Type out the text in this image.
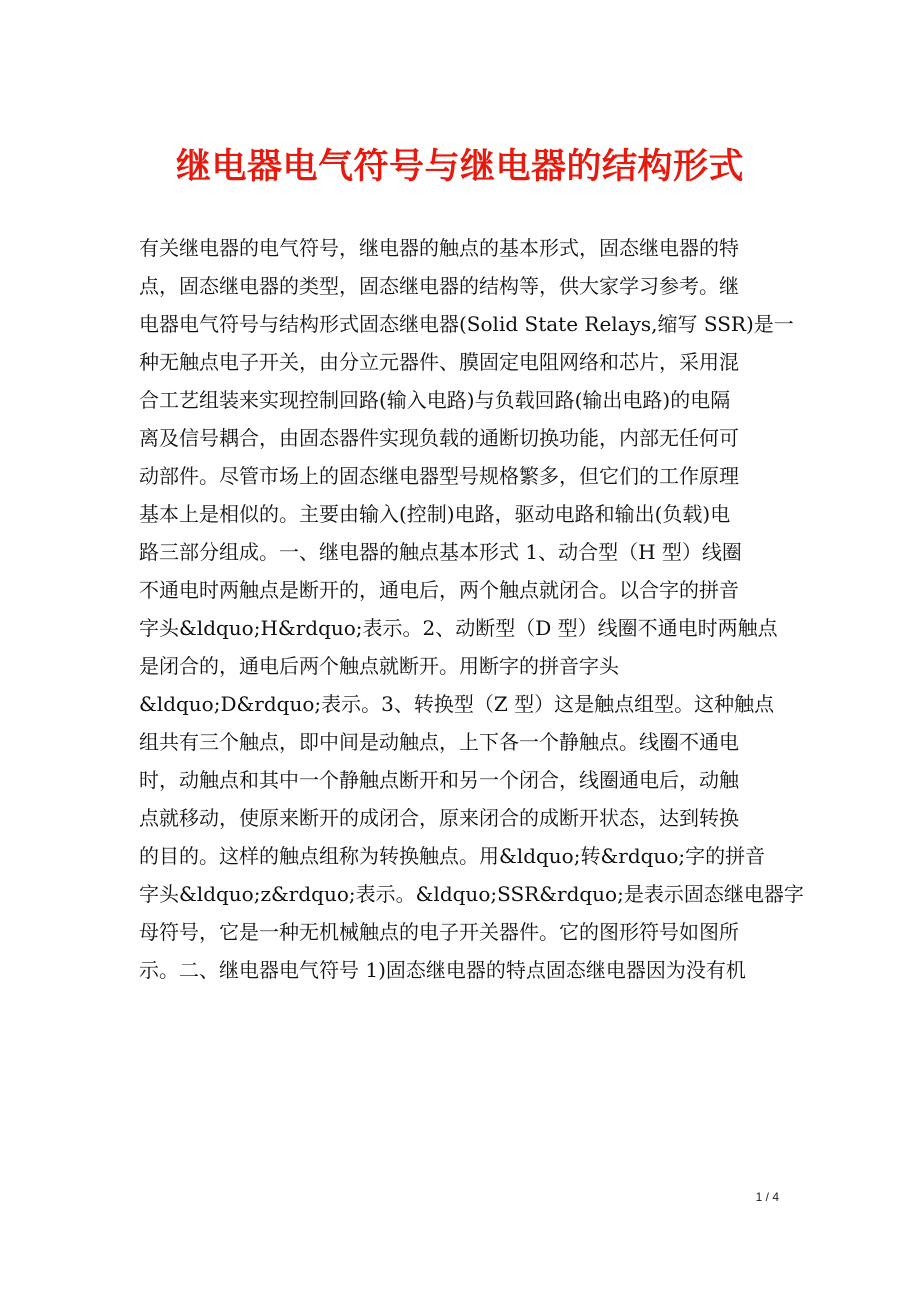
继电器电气符号与继电器的结构形式
有关继电器的电气符号，继电器的触点的基本形式，固态继电器的特
点，固态继电器的类型，固态继电器的结构等，供大家学习参考。继
电器电气符号与结构形式固态继电器(Solid State Relays,缩写 SSR)是一
种无触点电子开关，由分立元器件、膜固定电阻网络和芯片，采用混
合工艺组装来实现控制回路(输入电路)与负载回路(输出电路)的电隔
离及信号耦合，由固态器件实现负载的通断切换功能，内部无任何可
动部件。尽管市场上的固态继电器型号规格繁多，但它们的工作原理
基本上是相似的。主要由输入(控制)电路，驱动电路和输出(负载)电
路三部分组成。一、继电器的触点基本形式 1、动合型（H 型）线圈
不通电时两触点是断开的，通电后，两个触点就闭合。以合字的拼音
字头&ldquo;H&rdquo;表示。2、动断型（D 型）线圈不通电时两触点
是闭合的，通电后两个触点就断开。用断字的拼音字头
&ldquo;D&rdquo;表示。3、转换型（Z 型）这是触点组型。这种触点
组共有三个触点，即中间是动触点，上下各一个静触点。线圈不通电
时，动触点和其中一个静触点断开和另一个闭合，线圈通电后，动触
点就移动，使原来断开的成闭合，原来闭合的成断开状态，达到转换
的目的。这样的触点组称为转换触点。用&ldquo;转&rdquo;字的拼音
字头&ldquo;z&rdquo;表示。&ldquo;SSR&rdquo;是表示固态继电器字
母符号，它是一种无机械触点的电子开关器件。它的图形符号如图所
示。二、继电器电气符号 1)固态继电器的特点固态继电器因为没有机
1 / 4
